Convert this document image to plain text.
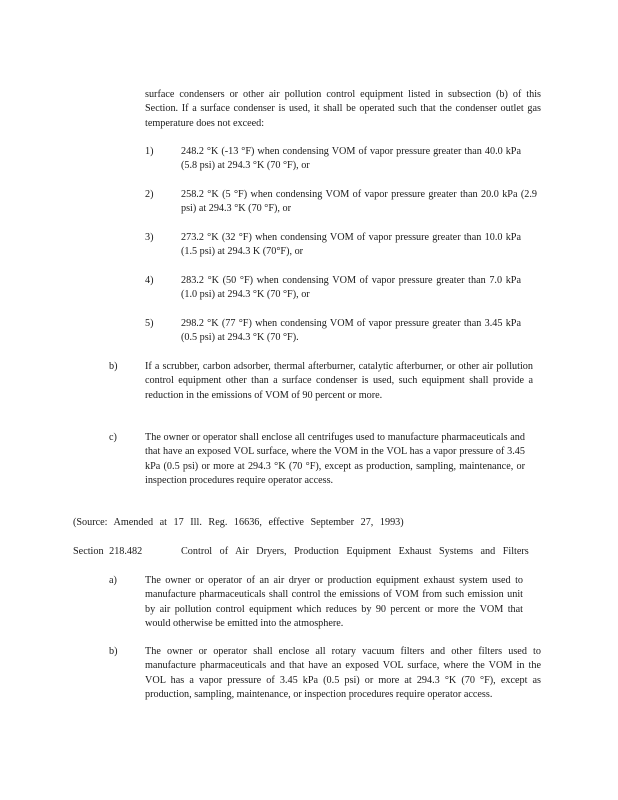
surface condensers or other air pollution control equipment listed in subsection (b) of this Section. If a surface condenser is used, it shall be operated such that the condenser outlet gas temperature does not exceed:

1)	248.2 °K (-13 °F) when condensing VOM of vapor pressure greater than 40.0 kPa (5.8 psi) at 294.3 °K (70 °F), or

2)	258.2 °K (5 °F) when condensing VOM of vapor pressure greater than 20.0 kPa (2.9 psi) at 294.3 °K (70 °F), or

3)	273.2 °K (32 °F) when condensing VOM of vapor pressure greater than 10.0 kPa (1.5 psi) at 294.3 K (70°F), or

4)	283.2 °K (50 °F) when condensing VOM of vapor pressure greater than 7.0 kPa (1.0 psi) at 294.3 °K (70 °F), or

5)	298.2 °K (77 °F) when condensing VOM of vapor pressure greater than 3.45 kPa (0.5 psi) at 294.3 °K (70 °F).

b)	If a scrubber, carbon adsorber, thermal afterburner, catalytic afterburner, or other air pollution control equipment other than a surface condenser is used, such equipment shall provide a reduction in the emissions of VOM of 90 percent or more.

c)	The owner or operator shall enclose all centrifuges used to manufacture pharmaceuticals and that have an exposed VOL surface, where the VOM in the VOL has a vapor pressure of 3.45 kPa (0.5 psi) or more at 294.3 °K (70 °F), except as production, sampling, maintenance, or inspection procedures require operator access.

(Source: Amended at 17 Ill. Reg. 16636, effective September 27, 1993)

Section 218.482	Control of Air Dryers, Production Equipment Exhaust Systems and Filters
a)	The owner or operator of an air dryer or production equipment exhaust system used to manufacture pharmaceuticals shall control the emissions of VOM from such emission unit by air pollution control equipment which reduces by 90 percent or more the VOM that would otherwise be emitted into the atmosphere.

b)	The owner or operator shall enclose all rotary vacuum filters and other filters used to manufacture pharmaceuticals and that have an exposed VOL surface, where the VOM in the VOL has a vapor pressure of 3.45 kPa (0.5 psi) or more at 294.3 °K (70 °F), except as production, sampling, maintenance, or inspection procedures require operator access.
